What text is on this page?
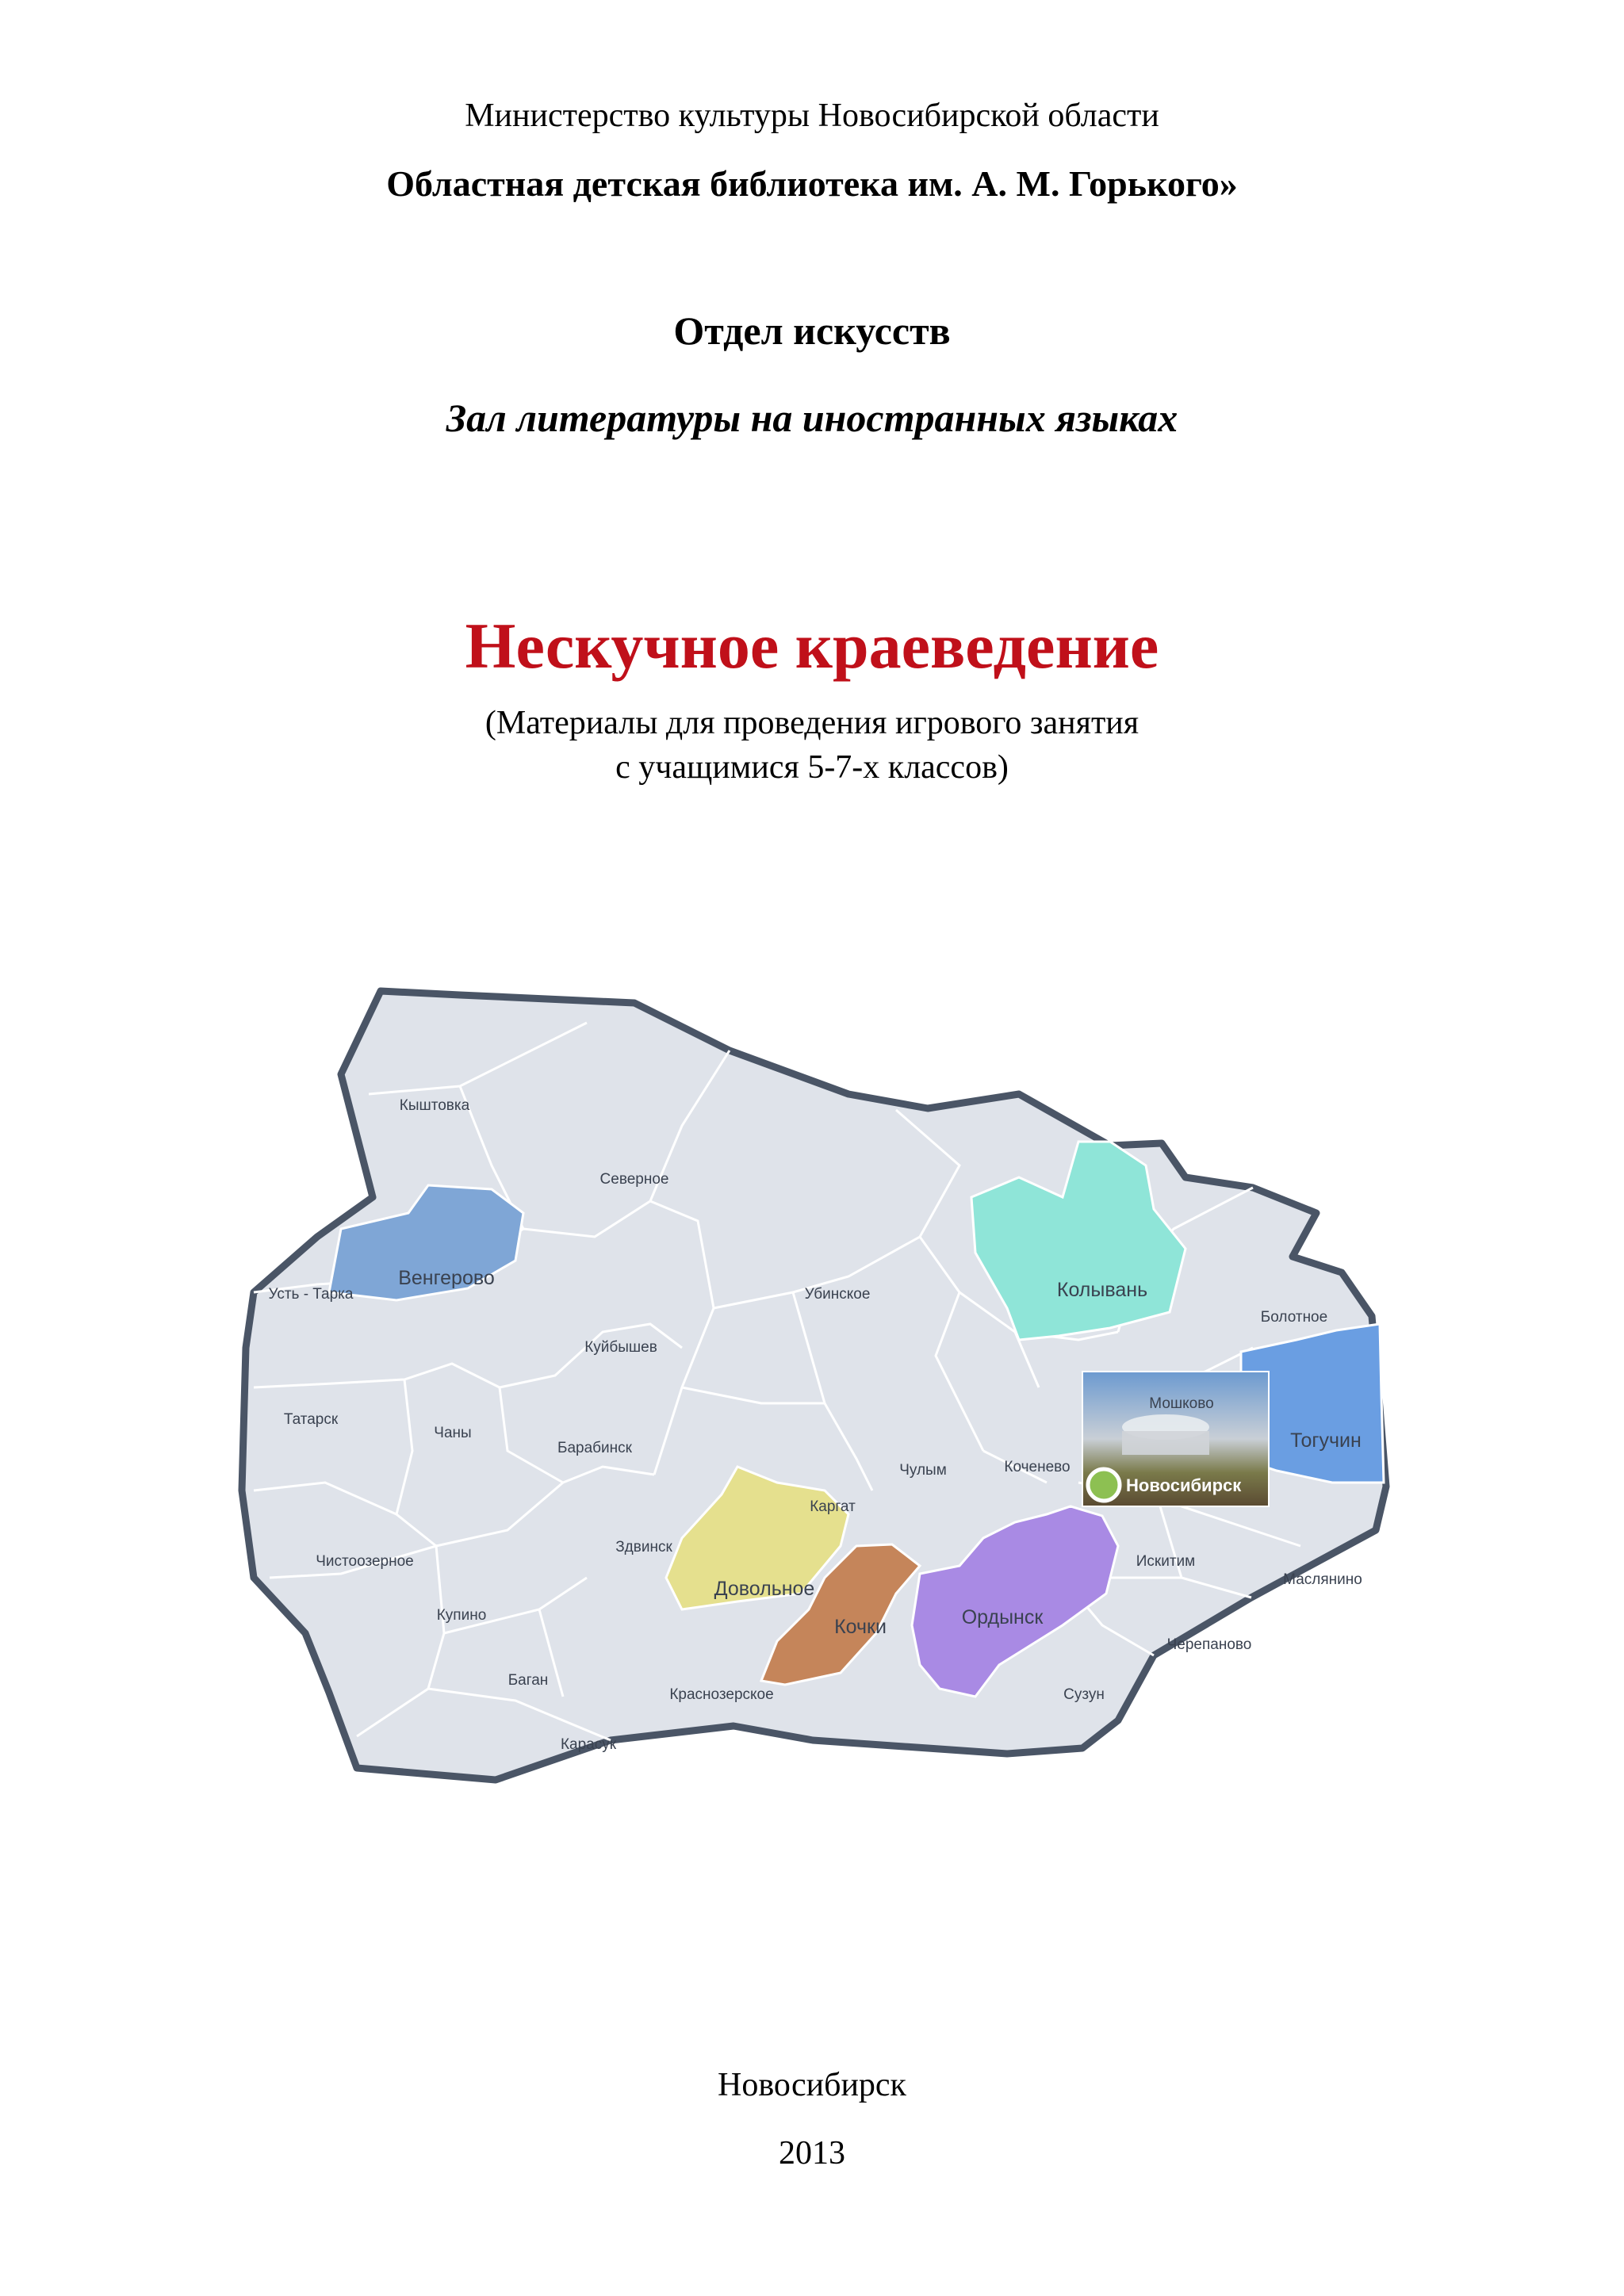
Министерство культуры Новосибирской области
Областная детская библиотека им. А. М. Горького»
Отдел искусств
Зал литературы на иностранных языках
Нескучное краеведение
(Материалы для проведения игрового занятия
с учащимися 5-7-х классов)
Новосибирск
Кыштовка
Северное
Венгерово
Усть - Тарка	Убинское	Колывань
Болотное
Куйбышев
Мошково
Татарск
Чаны	Тогучин
Барабинск
Чулым	Коченево
Каргат
Чистоозерное
Здвинск
Довольное
Искитим
Маслянино
Ордынск
Кочки
Купино
Черепаново
Баган
Краснозерское	Сузун
Карасук
Новосибирск
2013
